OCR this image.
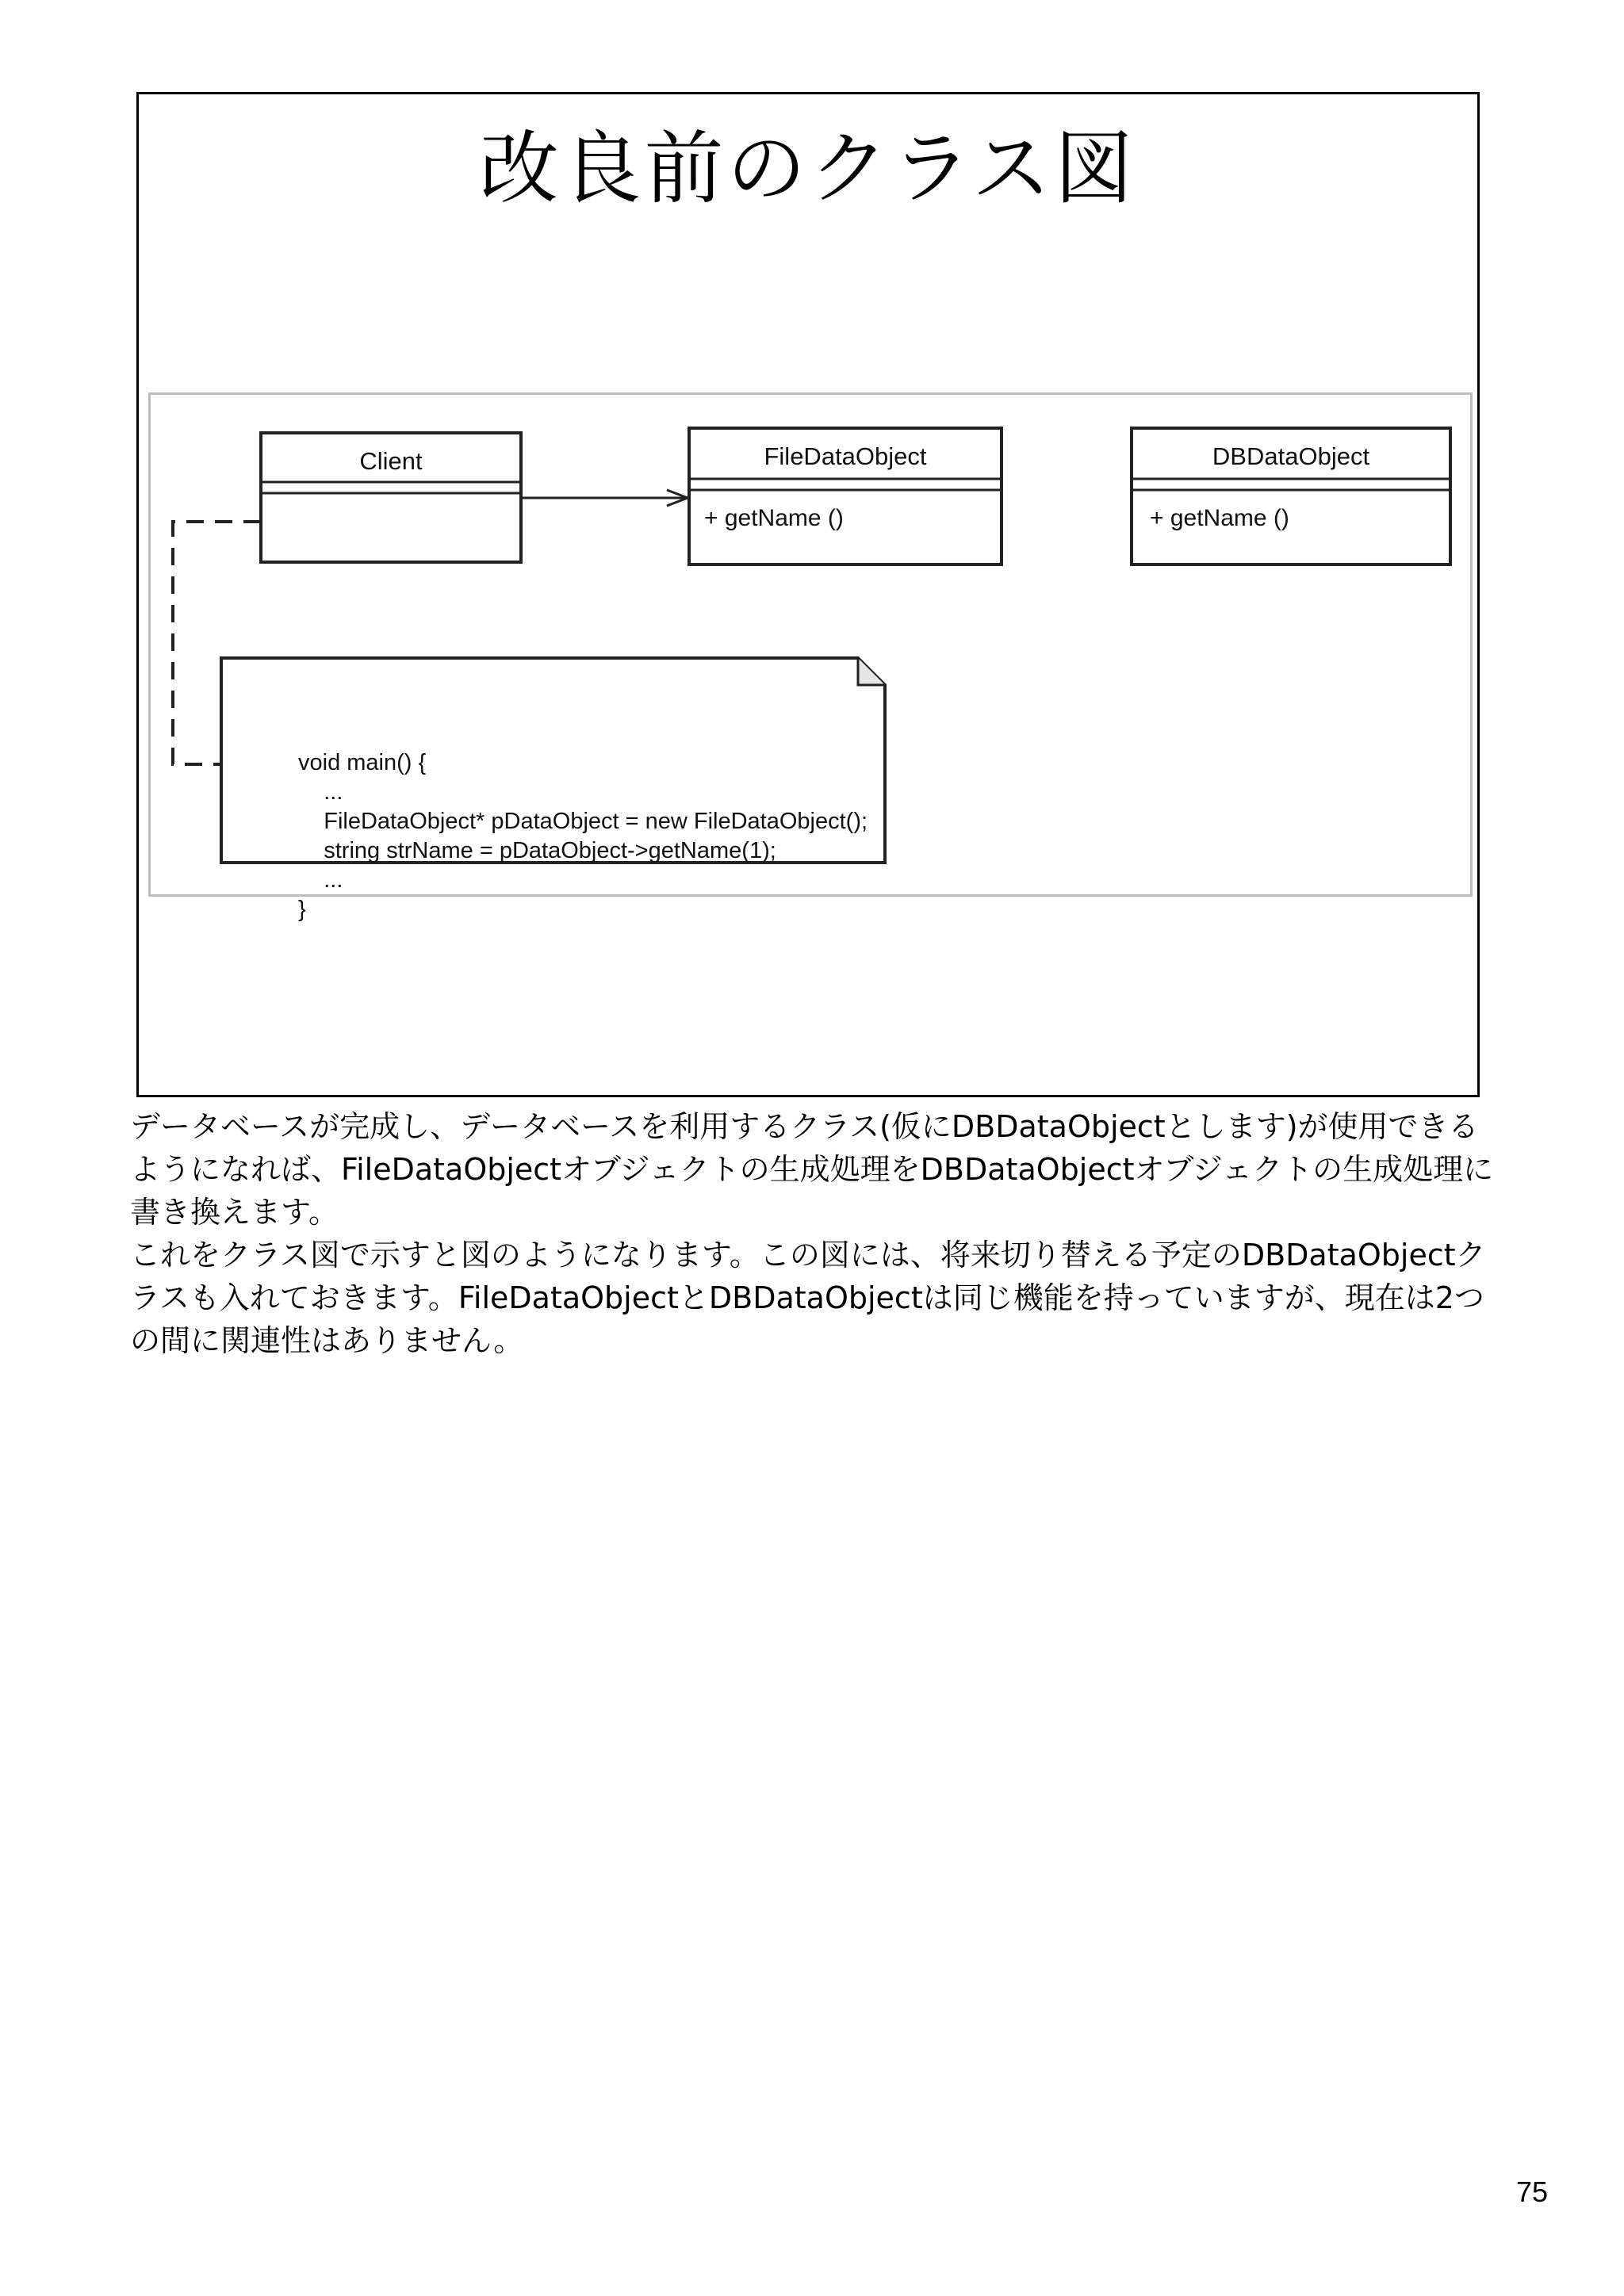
改良前のクラス図
Client	FileDataObject
+ getName ()
DBDataObject
+ getName ()
void main() {
...
FileDataObject* pDataObject = new FileDataObject();
string strName = pDataObject->getName(1);
...
}

データベースが完成し、データベースを利用するクラス(仮にDBDataObjectとします)が使用できるようになれば、FileDataObjectオブジェクトの生成処理をDBDataObjectオブジェクトの生成処理に書き換えます。

これをクラス図で示すと図のようになります。この図には、将来切り替える予定のDBDataObjectクラスも入れておきます。FileDataObjectとDBDataObjectは同じ機能を持っていますが、現在は2つの間に関連性はありません。

75
